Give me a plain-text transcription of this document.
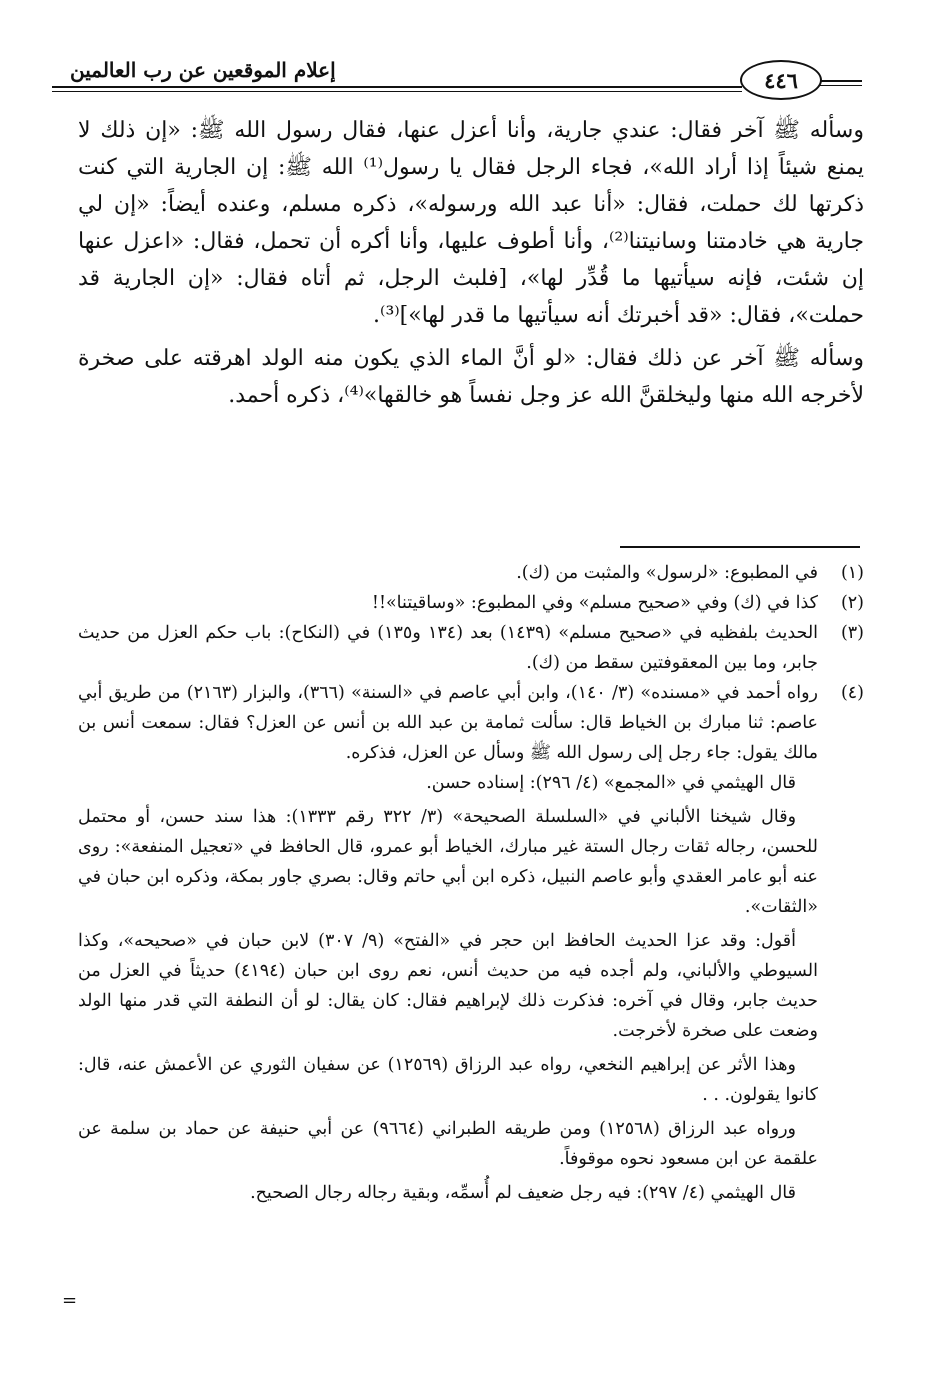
إعلام الموقعين عن رب العالمين	٤٤٦

وسأله ﷺ آخر فقال: عندي جارية، وأنا أعزل عنها، فقال رسول الله ﷺ: «إن ذلك لا يمنع شيئاً إذا أراد الله»، فجاء الرجل فقال يا رسول⁽¹⁾ الله ﷺ: إن الجارية التي كنت ذكرتها لك حملت، فقال: «أنا عبد الله ورسوله»، ذكره مسلم، وعنده أيضاً: «إن لي جارية هي خادمتنا وسانيتنا⁽²⁾، وأنا أطوف عليها، وأنا أكره أن تحمل، فقال: «اعزل عنها إن شئت، فإنه سيأتيها ما قُدِّر لها»، [فلبث الرجل، ثم أتاه فقال: «إن الجارية قد حملت»، فقال: «قد أخبرتك أنه سيأتيها ما قدر لها»]⁽³⁾.

وسأله ﷺ آخر عن ذلك فقال: «لو أنَّ الماء الذي يكون منه الولد اهرقته على صخرة لأخرجه الله منها وليخلقنَّ الله عز وجل نفساً هو خالقها»⁽⁴⁾، ذكره أحمد.

(١)

في المطبوع: «لرسول» والمثبت من (ك).

(٢)

كذا في (ك) وفي «صحيح مسلم» وفي المطبوع: «وساقيتنا»!!

(٣)

الحديث بلفظيه في «صحيح مسلم» (١٤٣٩) بعد (١٣٤ و١٣٥) في (النكاح): باب حكم العزل من حديث جابر، وما بين المعقوفتين سقط من (ك).

(٤)

رواه أحمد في «مسنده» (٣/ ١٤٠)، وابن أبي عاصم في «السنة» (٣٦٦)، والبزار (٢١٦٣) من طريق أبي عاصم: ثنا مبارك بن الخياط قال: سألت ثمامة بن عبد الله بن أنس عن العزل؟ فقال: سمعت أنس بن مالك يقول: جاء رجل إلى رسول الله ﷺ وسأل عن العزل، فذكره.

قال الهيثمي في «المجمع» (٤/ ٢٩٦): إسناده حسن.

وقال شيخنا الألباني في «السلسلة الصحيحة» (٣/ ٣٢٢ رقم ١٣٣٣): هذا سند حسن، أو محتمل للحسن، رجاله ثقات رجال الستة غير مبارك، الخياط أبو عمرو، قال الحافظ في «تعجيل المنفعة»: روى عنه أبو عامر العقدي وأبو عاصم النبيل، ذكره ابن أبي حاتم وقال: بصري جاور بمكة، وذكره ابن حبان في «الثقات».

أقول: وقد عزا الحديث الحافظ ابن حجر في «الفتح» (٩/ ٣٠٧) لابن حبان في «صحيحه»، وكذا السيوطي والألباني، ولم أجده فيه من حديث أنس، نعم روى ابن حبان (٤١٩٤) حديثاً في العزل من حديث جابر، وقال في آخره: فذكرت ذلك لإبراهيم فقال: كان يقال: لو أن النطفة التي قدر منها الولد وضعت على صخرة لأخرجت.

وهذا الأثر عن إبراهيم النخعي، رواه عبد الرزاق (١٢٥٦٩) عن سفيان الثوري عن الأعمش عنه، قال: كانوا يقولون. . .

ورواه عبد الرزاق (١٢٥٦٨) ومن طريقه الطبراني (٩٦٦٤) عن أبي حنيفة عن حماد بن سلمة عن علقمة عن ابن مسعود نحوه موقوفاً.

قال الهيثمي (٤/ ٢٩٧): فيه رجل ضعيف لم أُسمِّه، وبقية رجاله رجال الصحيح.

=
